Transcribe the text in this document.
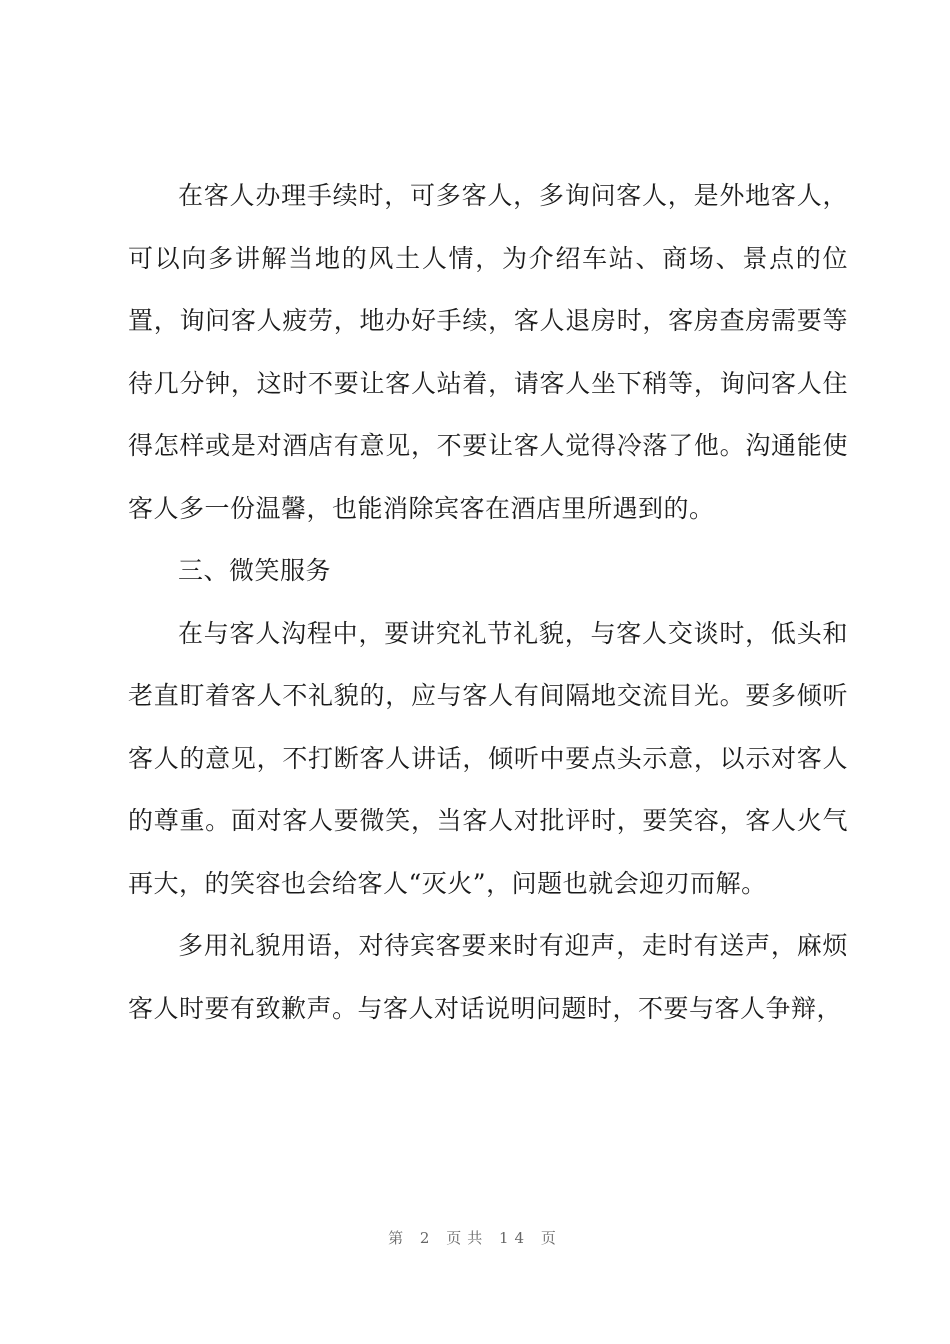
在客人办理手续时，可多客人，多询问客人，是外地客人，可以向多讲解当地的风土人情，为介绍车站、商场、景点的位置，询问客人疲劳，地办好手续，客人退房时，客房查房需要等待几分钟，这时不要让客人站着，请客人坐下稍等，询问客人住得怎样或是对酒店有意见，不要让客人觉得冷落了他。沟通能使客人多一份温馨，也能消除宾客在酒店里所遇到的。

三、微笑服务

在与客人沟程中，要讲究礼节礼貌，与客人交谈时，低头和老直盯着客人不礼貌的，应与客人有间隔地交流目光。要多倾听客人的意见，不打断客人讲话，倾听中要点头示意，以示对客人的尊重。面对客人要微笑，当客人对批评时，要笑容，客人火气再大，的笑容也会给客人“灭火”，问题也就会迎刃而解。

多用礼貌用语，对待宾客要来时有迎声，走时有送声，麻烦客人时要有致歉声。与客人对话说明问题时，不要与客人争辩，

第 2 页共 14 页
